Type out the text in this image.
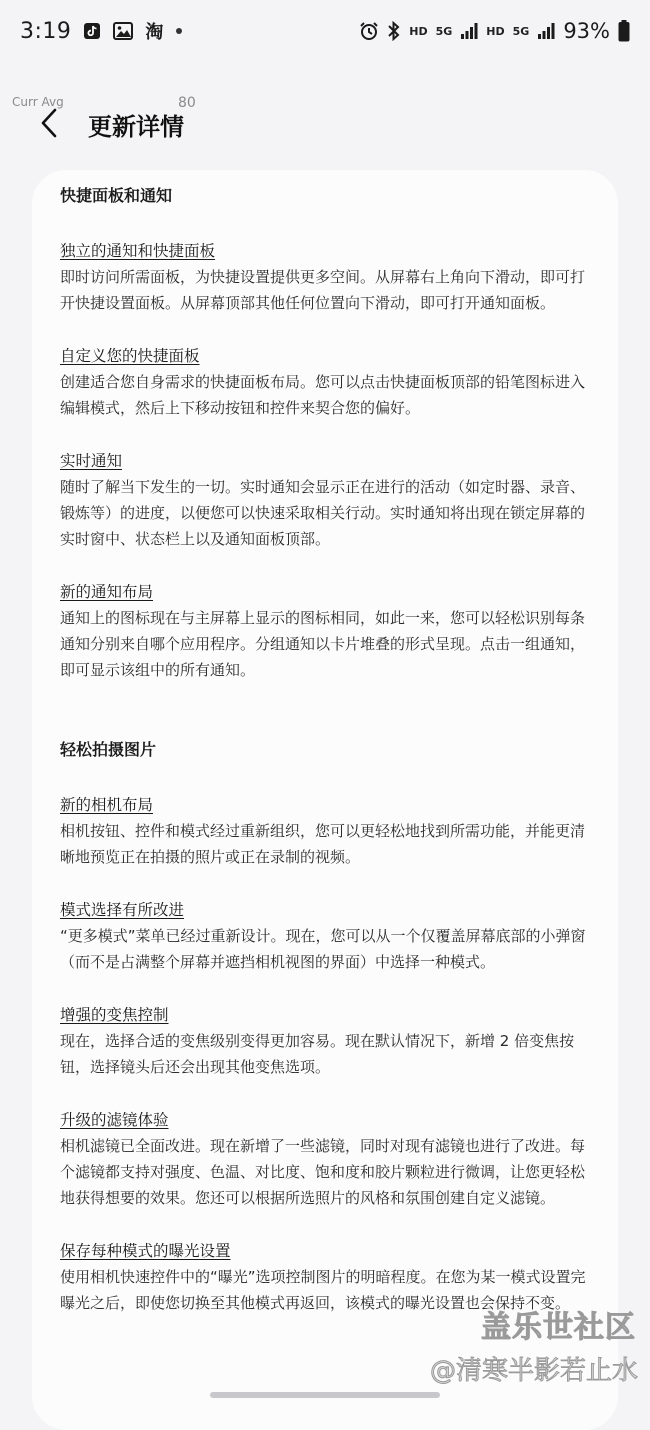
3:19	淘	HD 5G	HD 5G 93%
Curr Avg	80
更新详情
快捷面板和通知
独立的通知和快捷面板
即时访问所需面板，为快捷设置提供更多空间。从屏幕右上角向下滑动，即可打开快捷设置面板。从屏幕顶部其他任何位置向下滑动，即可打开通知面板。
自定义您的快捷面板
创建适合您自身需求的快捷面板布局。您可以点击快捷面板顶部的铅笔图标进入编辑模式，然后上下移动按钮和控件来契合您的偏好。
实时通知
随时了解当下发生的一切。实时通知会显示正在进行的活动（如定时器、录音、锻炼等）的进度，以便您可以快速采取相关行动。实时通知将出现在锁定屏幕的实时窗中、状态栏上以及通知面板顶部。
新的通知布局
通知上的图标现在与主屏幕上显示的图标相同，如此一来，您可以轻松识别每条通知分别来自哪个应用程序。分组通知以卡片堆叠的形式呈现。点击一组通知，即可显示该组中的所有通知。
轻松拍摄图片
新的相机布局
相机按钮、控件和模式经过重新组织，您可以更轻松地找到所需功能，并能更清晰地预览正在拍摄的照片或正在录制的视频。
模式选择有所改进
“更多模式”菜单已经过重新设计。现在，您可以从一个仅覆盖屏幕底部的小弹窗（而不是占满整个屏幕并遮挡相机视图的界面）中选择一种模式。
增强的变焦控制
现在，选择合适的变焦级别变得更加容易。现在默认情况下，新增 2 倍变焦按钮，选择镜头后还会出现其他变焦选项。
升级的滤镜体验
相机滤镜已全面改进。现在新增了一些滤镜，同时对现有滤镜也进行了改进。每个滤镜都支持对强度、色温、对比度、饱和度和胶片颗粒进行微调，让您更轻松地获得想要的效果。您还可以根据所选照片的风格和氛围创建自定义滤镜。
保存每种模式的曝光设置
使用相机快速控件中的“曝光”选项控制图片的明暗程度。在您为某一模式设置完曝光之后，即使您切换至其他模式再返回，该模式的曝光设置也会保持不变。
盖乐世社区
@清寒半影若止水
